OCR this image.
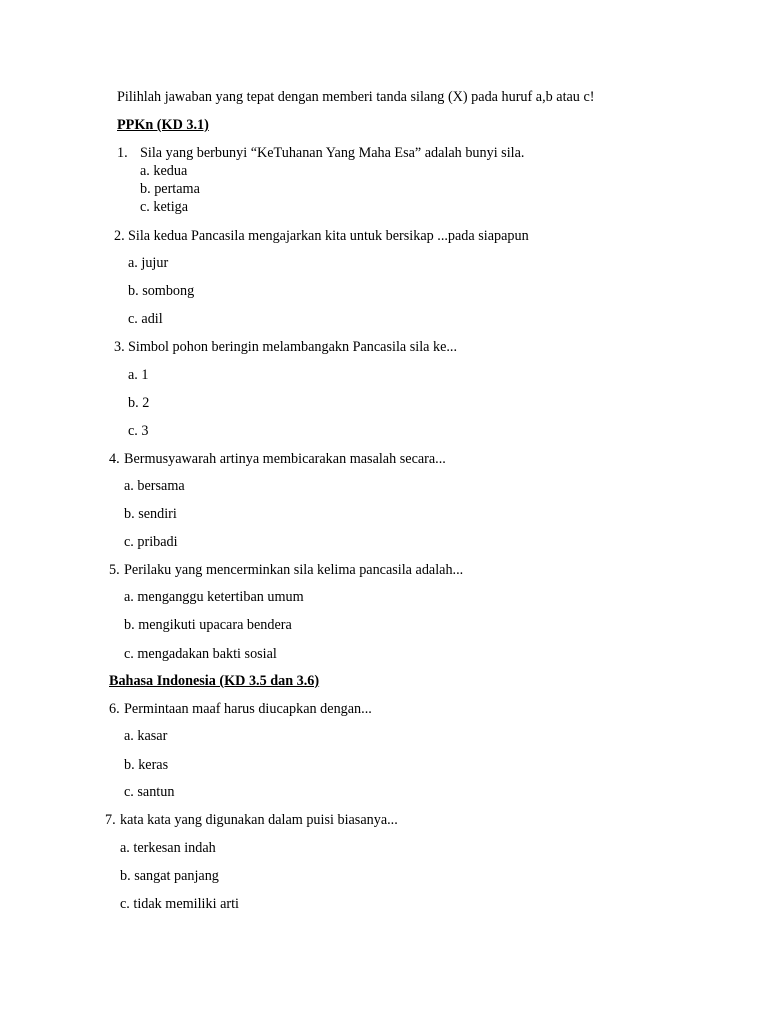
Pilihlah jawaban yang tepat dengan memberi tanda silang (X) pada huruf a,b atau c!
PPKn (KD 3.1)
1. Sila yang berbunyi “KeTuhanan Yang Maha Esa” adalah bunyi sila.
a. kedua
b. pertama
c. ketiga
2. Sila kedua Pancasila mengajarkan kita untuk bersikap ...pada siapapun
a. jujur
b. sombong
c. adil
3. Simbol pohon beringin melambangakn Pancasila sila ke...
a. 1
b. 2
c. 3
4. Bermusyawarah artinya membicarakan masalah secara...
a. bersama
b. sendiri
c. pribadi
5. Perilaku yang mencerminkan sila kelima pancasila adalah...
a. menganggu ketertiban umum
b. mengikuti upacara bendera
c. mengadakan bakti sosial
Bahasa Indonesia (KD 3.5 dan 3.6)
6. Permintaan maaf harus diucapkan dengan...
a. kasar
b. keras
c. santun
7. kata kata yang digunakan dalam puisi biasanya...
a. terkesan indah
b. sangat panjang
c. tidak memiliki arti
